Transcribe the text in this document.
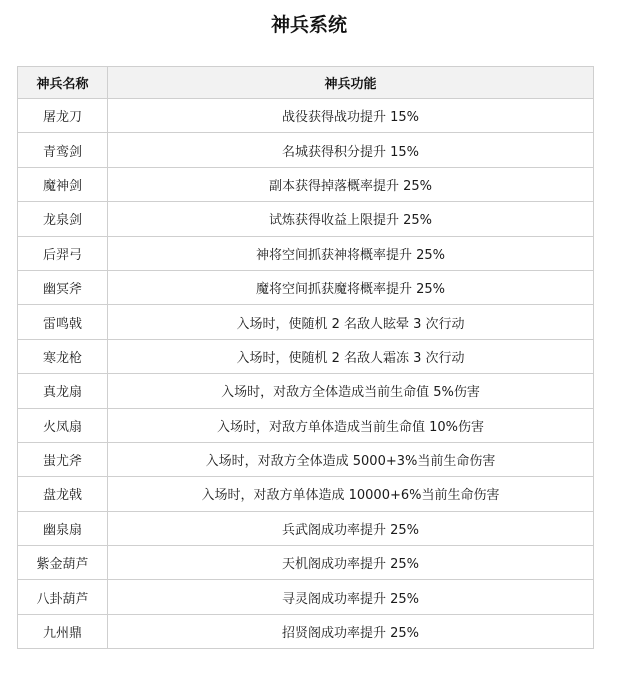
神兵系统
神兵名称	神兵功能
屠龙刀	战役获得战功提升 15%
青鸾剑	名城获得积分提升 15%
魔神剑	副本获得掉落概率提升 25%
龙泉剑	试炼获得收益上限提升 25%
后羿弓	神将空间抓获神将概率提升 25%
幽冥斧	魔将空间抓获魔将概率提升 25%
雷鸣戟	入场时，使随机 2 名敌人眩晕 3 次行动
寒龙枪	入场时，使随机 2 名敌人霜冻 3 次行动
真龙扇	入场时，对敌方全体造成当前生命值 5%伤害
火凤扇	入场时，对敌方单体造成当前生命值 10%伤害
蚩尤斧	入场时，对敌方全体造成 5000+3%当前生命伤害
盘龙戟	入场时，对敌方单体造成 10000+6%当前生命伤害
幽泉扇	兵武阁成功率提升 25%
紫金葫芦	天机阁成功率提升 25%
八卦葫芦	寻灵阁成功率提升 25%
九州鼎	招贤阁成功率提升 25%
